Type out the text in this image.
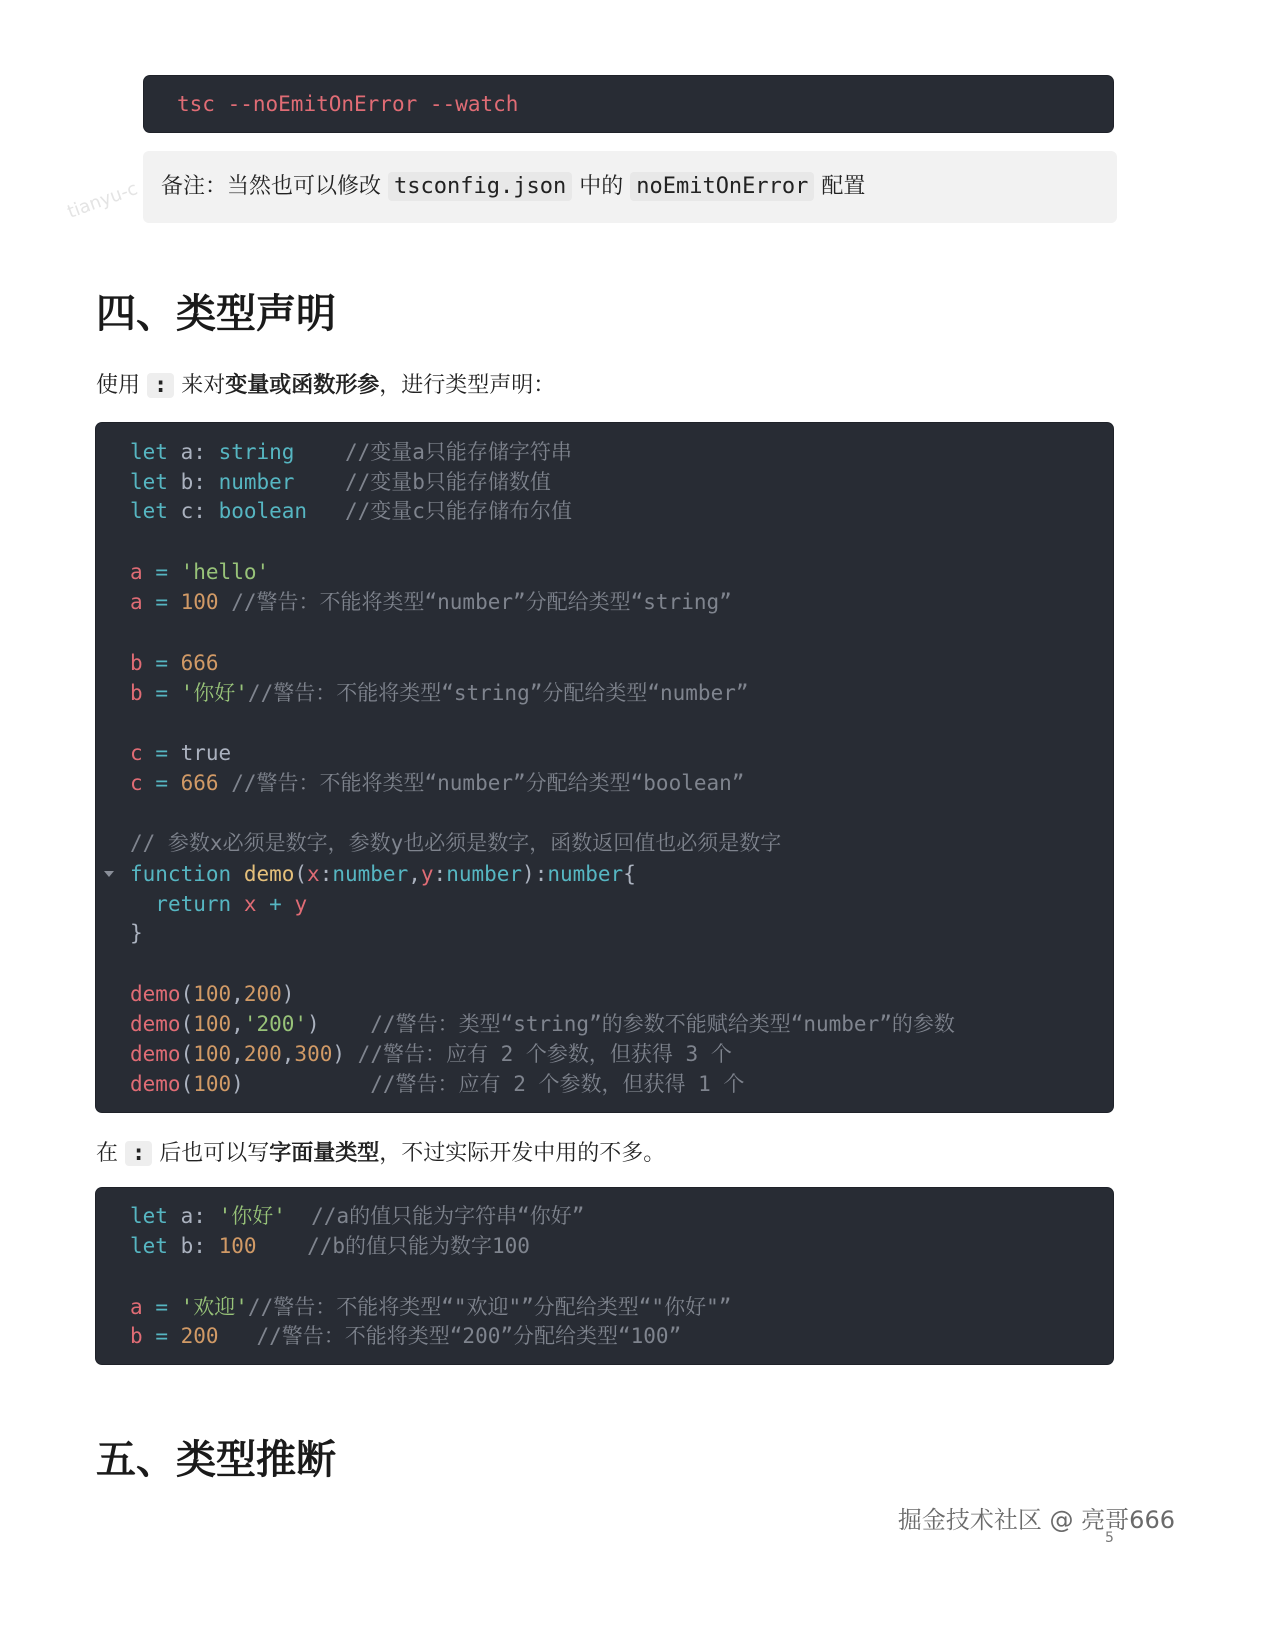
tianyu-c
tsc --noEmitOnError --watch
备注：当然也可以修改 tsconfig.json 中的 noEmitOnError 配置
四、类型声明
使用 : 来对变量或函数形参，进行类型声明：
let a: string //变量a只能存储字符串
let b: number //变量b只能存储数值
let c: boolean //变量c只能存储布尔值
a = 'hello'
a = 100 //警告：不能将类型“number”分配给类型“string”
b = 666
b = '你好'//警告：不能将类型“string”分配给类型“number”
c = true
c = 666 //警告：不能将类型“number”分配给类型“boolean”
// 参数x必须是数字，参数y也必须是数字，函数返回值也必须是数字
function demo(x:number,y:number):number{
return x + y
}
demo(100,200)
demo(100,'200') //警告：类型“string”的参数不能赋给类型“number”的参数
demo(100,200,300) //警告：应有 2 个参数，但获得 3 个
demo(100)	//警告：应有 2 个参数，但获得 1 个
在 : 后也可以写字面量类型，不过实际开发中用的不多。
let a: '你好' //a的值只能为字符串“你好”
let b: 100 //b的值只能为数字100
a = '欢迎'//警告：不能将类型“"欢迎"”分配给类型“"你好"”
b = 200 //警告：不能将类型“200”分配给类型“100”
五、类型推断
掘金技术社区 @ 亮哥666
5
